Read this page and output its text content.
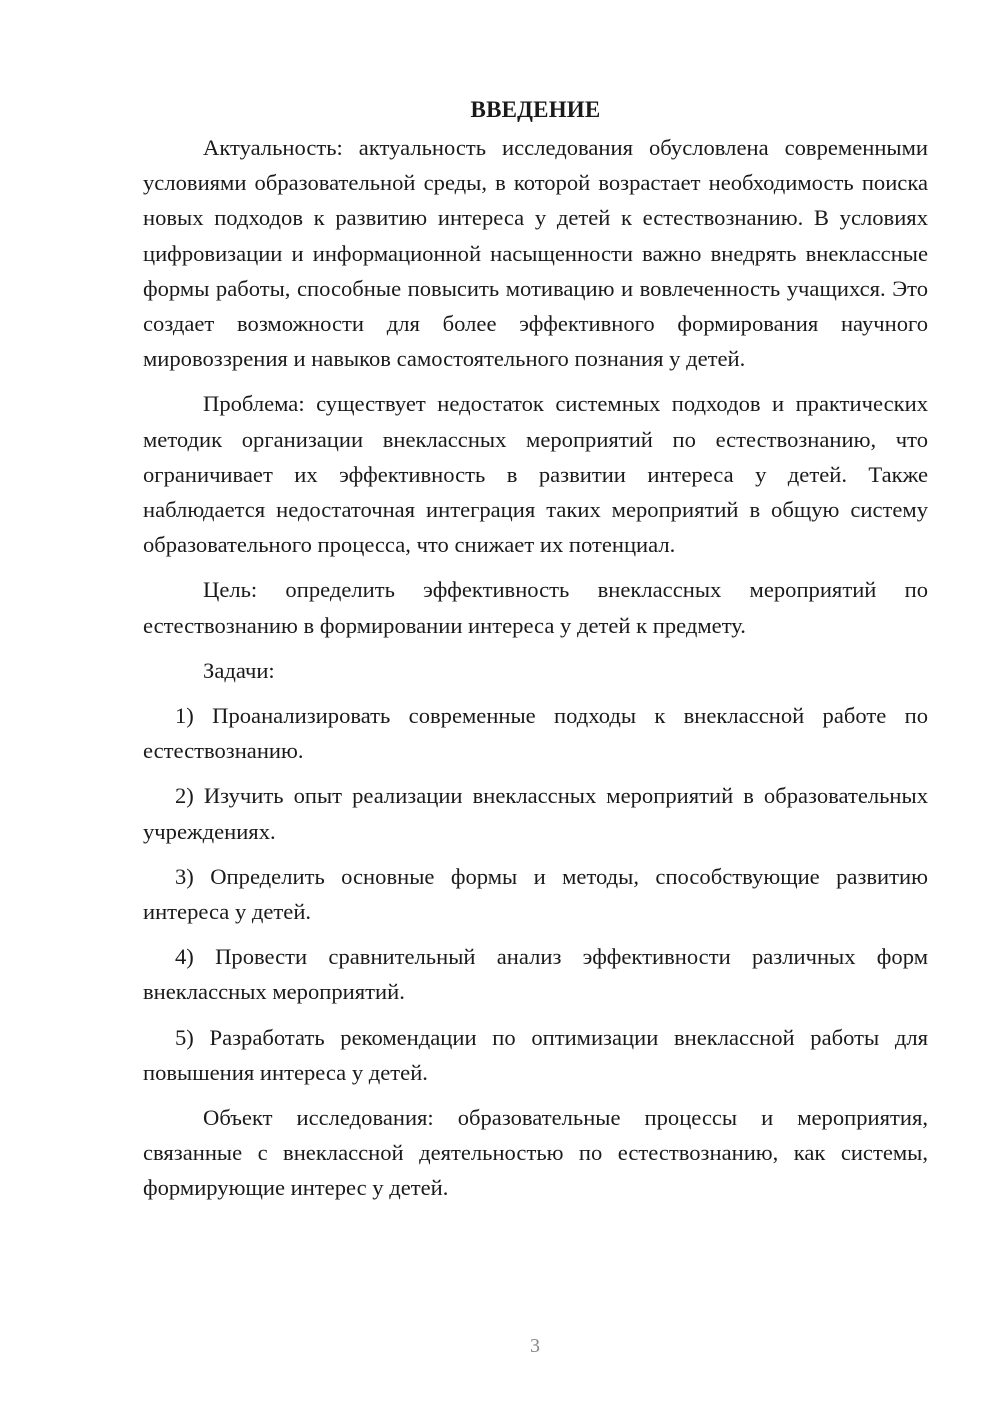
ВВЕДЕНИЕ

Актуальность: актуальность исследования обусловлена современными условиями образовательной среды, в которой возрастает необходимость поиска новых подходов к развитию интереса у детей к естествознанию. В условиях цифровизации и информационной насыщенности важно внедрять внеклассные формы работы, способные повысить мотивацию и вовлеченность учащихся. Это создает возможности для более эффективного формирования научного мировоззрения и навыков самостоятельного познания у детей.

Проблема: существует недостаток системных подходов и практических методик организации внеклассных мероприятий по естествознанию, что ограничивает их эффективность в развитии интереса у детей. Также наблюдается недостаточная интеграция таких мероприятий в общую систему образовательного процесса, что снижает их потенциал.

Цель: определить эффективность внеклассных мероприятий по естествознанию в формировании интереса у детей к предмету.

Задачи:

1) Проанализировать современные подходы к внеклассной работе по естествознанию.

2) Изучить опыт реализации внеклассных мероприятий в образовательных учреждениях.

3) Определить основные формы и методы, способствующие развитию интереса у детей.

4) Провести сравнительный анализ эффективности различных форм внеклассных мероприятий.

5) Разработать рекомендации по оптимизации внеклассной работы для повышения интереса у детей.

Объект исследования: образовательные процессы и мероприятия, связанные с внеклассной деятельностью по естествознанию, как системы, формирующие интерес у детей.

3
